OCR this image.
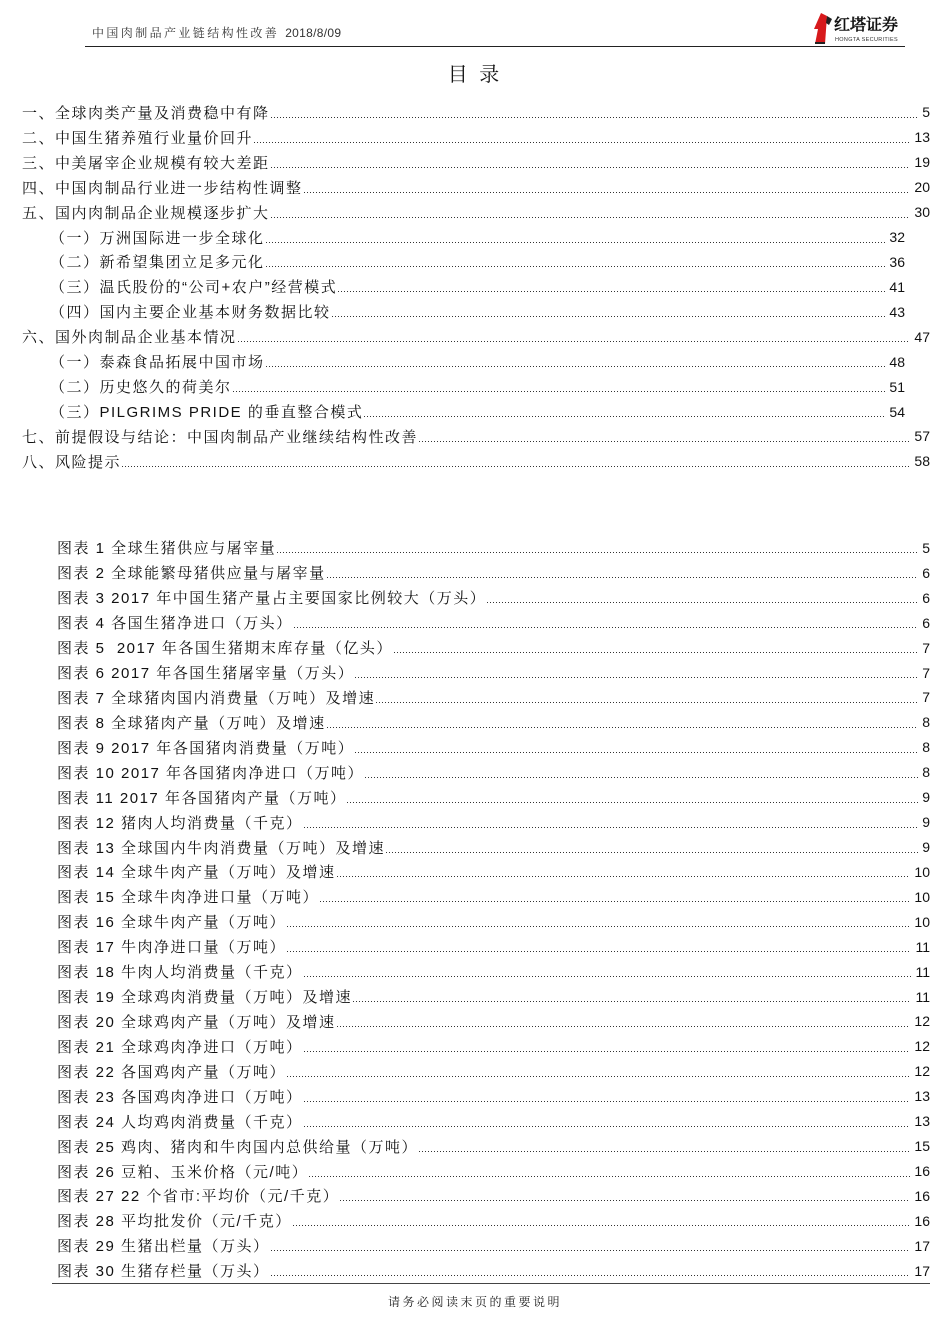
中国肉制品产业链结构性改善 2018/8/09	红塔证券
HONGTA SECURITIES
目 录
一、全球肉类产量及消费稳中有降	5
二、中国生猪养殖行业量价回升	13
三、中美屠宰企业规模有较大差距	19
四、中国肉制品行业进一步结构性调整	20
五、国内肉制品企业规模逐步扩大	30
（一）万洲国际进一步全球化	32
（二）新希望集团立足多元化	36
（三）温氏股份的“公司+农户”经营模式	41
（四）国内主要企业基本财务数据比较	43
六、国外肉制品企业基本情况	47
（一）泰森食品拓展中国市场	48
（二）历史悠久的荷美尔	51
（三）PILGRIMS PRIDE 的垂直整合模式	54
七、前提假设与结论：中国肉制品产业继续结构性改善	57
八、风险提示	58
图表 1 全球生猪供应与屠宰量	5
图表 2 全球能繁母猪供应量与屠宰量	6
图表 3 2017 年中国生猪产量占主要国家比例较大（万头）	6
图表 4 各国生猪净进口（万头）	6
图表 5  2017 年各国生猪期末库存量（亿头）	7
图表 6 2017 年各国生猪屠宰量（万头）	7
图表 7 全球猪肉国内消费量（万吨）及增速	7
图表 8 全球猪肉产量（万吨）及增速	8
图表 9 2017 年各国猪肉消费量（万吨）	8
图表 10 2017 年各国猪肉净进口（万吨）	8
图表 11 2017 年各国猪肉产量（万吨）	9
图表 12 猪肉人均消费量（千克）	9
图表 13 全球国内牛肉消费量（万吨）及增速	9
图表 14 全球牛肉产量（万吨）及增速	10
图表 15 全球牛肉净进口量（万吨）	10
图表 16 全球牛肉产量（万吨）	10
图表 17 牛肉净进口量（万吨）	11
图表 18 牛肉人均消费量（千克）	11
图表 19 全球鸡肉消费量（万吨）及增速	11
图表 20 全球鸡肉产量（万吨）及增速	12
图表 21 全球鸡肉净进口（万吨）	12
图表 22 各国鸡肉产量（万吨）	12
图表 23 各国鸡肉净进口（万吨）	13
图表 24 人均鸡肉消费量（千克）	13
图表 25 鸡肉、猪肉和牛肉国内总供给量（万吨）	15
图表 26 豆粕、玉米价格（元/吨）	16
图表 27 22 个省市:平均价（元/千克）	16
图表 28 平均批发价（元/千克）	16
图表 29 生猪出栏量（万头）	17
图表 30 生猪存栏量（万头）	17
请务必阅读末页的重要说明
